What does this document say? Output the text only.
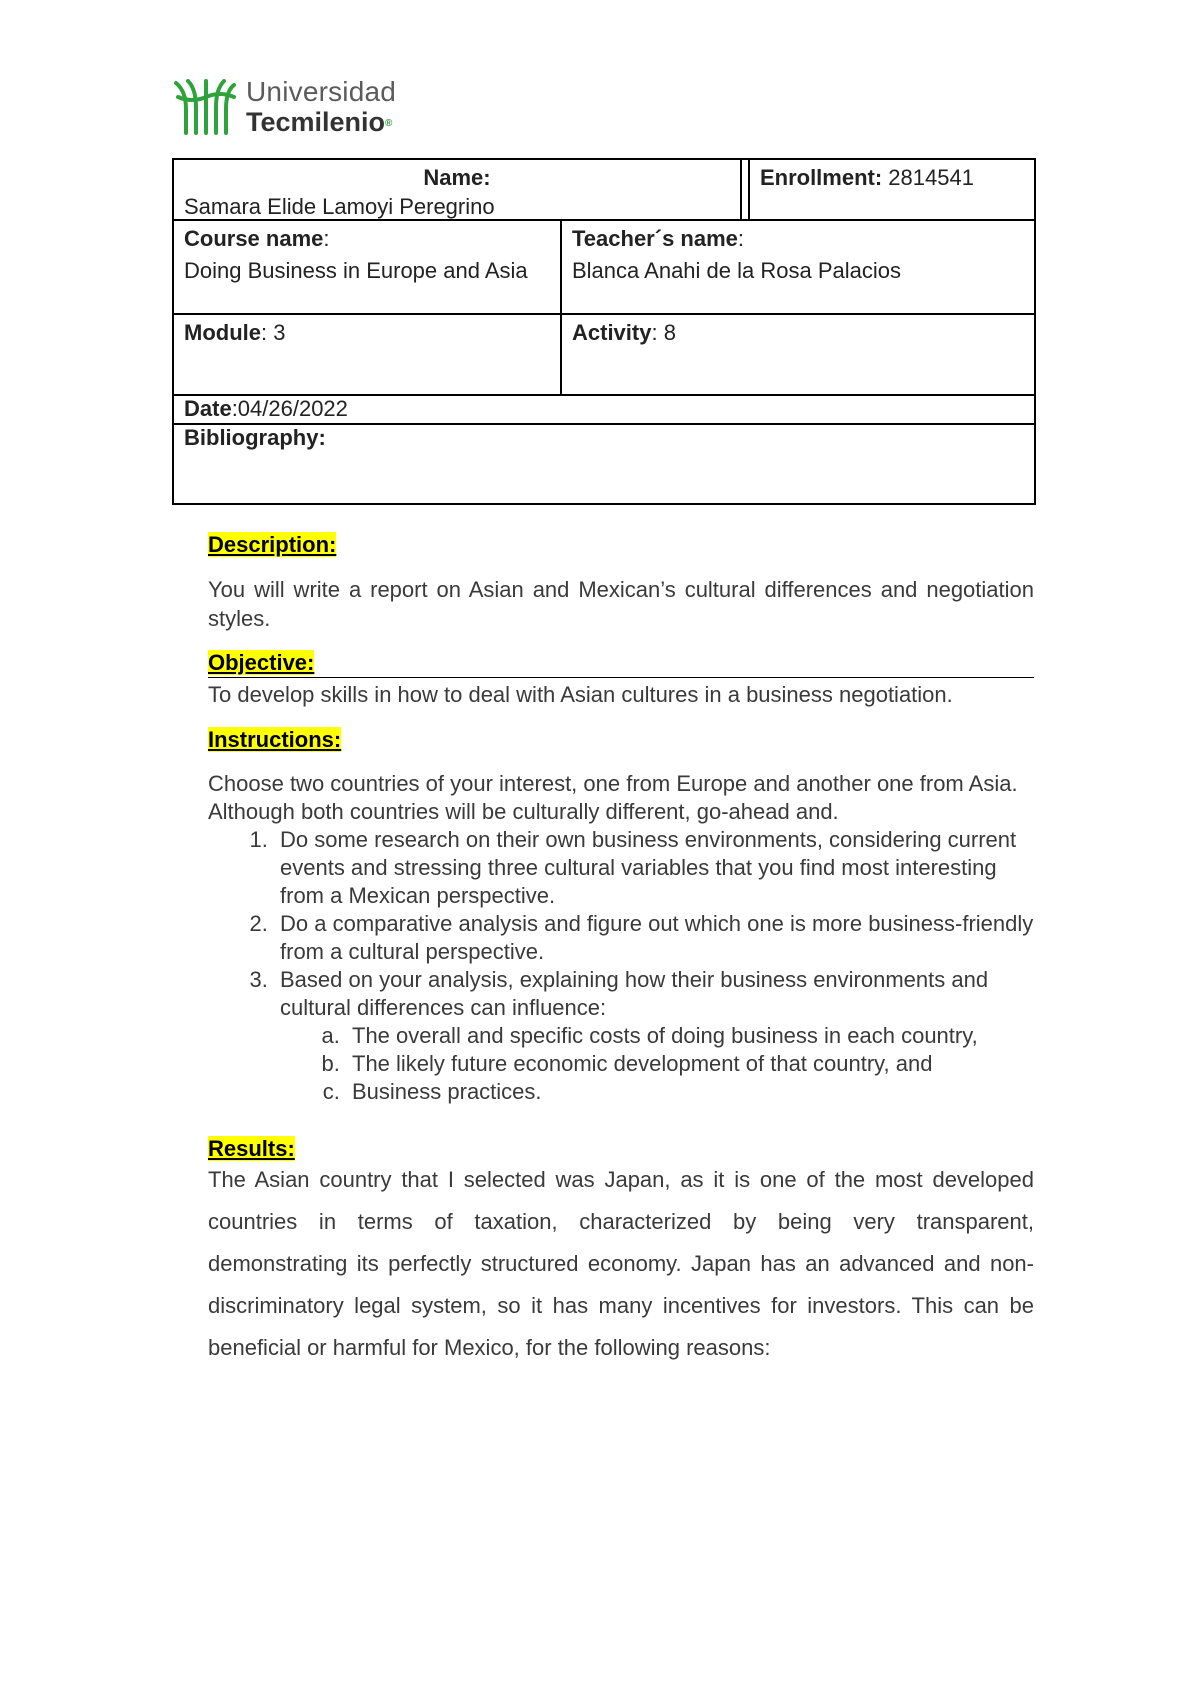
Universidad
Tecmilenio®
Name:
Samara Elide Lamoyi Peregrino
Enrollment: 2814541
Course name:
Doing Business in Europe and Asia
Teacher´s name:
Blanca Anahi de la Rosa Palacios
Module: 3	Activity: 8
Date:04/26/2022
Bibliography:

Description:

You will write a report on Asian and Mexican’s cultural differences and negotiation styles.

Objective:

To develop skills in how to deal with Asian cultures in a business negotiation.

Instructions:

Choose two countries of your interest, one from Europe and another one from Asia. Although both countries will be culturally different, go-ahead and.

1. Do some research on their own business environments, considering current events and stressing three cultural variables that you find most interesting from a Mexican perspective.
2. Do a comparative analysis and figure out which one is more business-friendly from a cultural perspective.
3. Based on your analysis, explaining how their business environments and cultural differences can influence:
a. The overall and specific costs of doing business in each country,
b. The likely future economic development of that country, and
c. Business practices.

Results:

The Asian country that I selected was Japan, as it is one of the most developed countries in terms of taxation, characterized by being very transparent, demonstrating its perfectly structured economy. Japan has an advanced and non-discriminatory legal system, so it has many incentives for investors. This can be beneficial or harmful for Mexico, for the following reasons:
